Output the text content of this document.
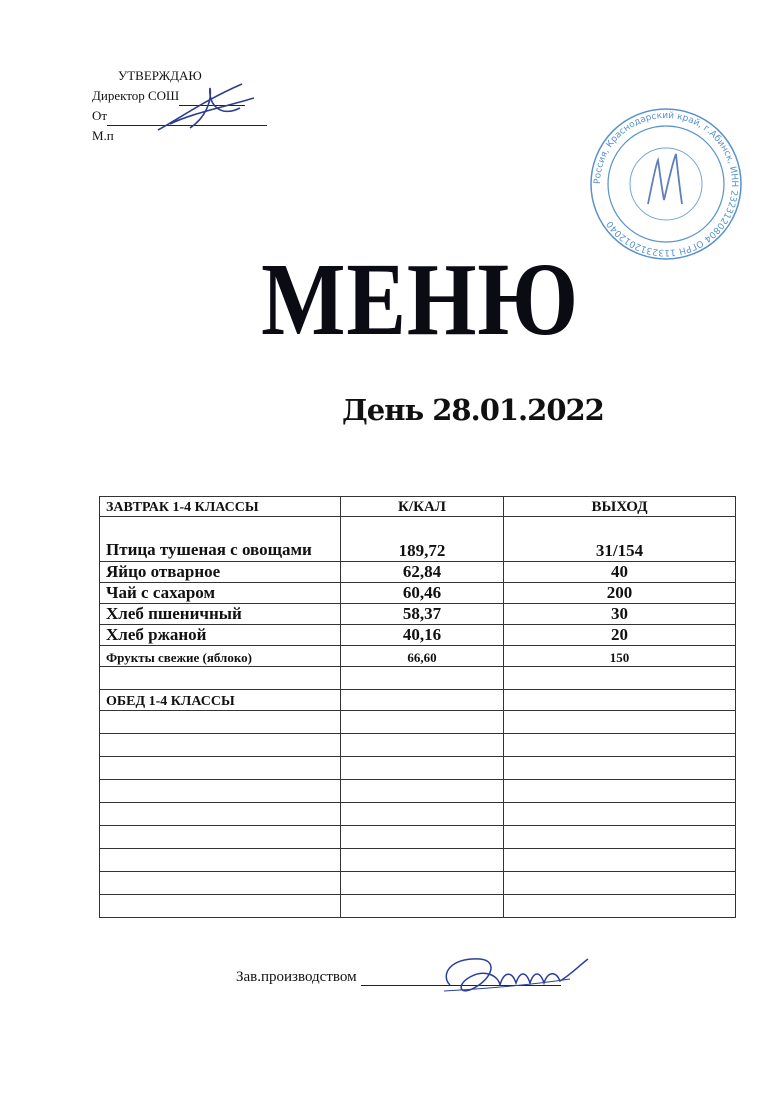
УТВЕРЖДАЮ
Директор СОШ
От
М.п
Россия, Краснодарский край, г.Абинск, ИНН 2323120804 ОГРН 1132312012040
МЕНЮ
День 28.01.2022
ЗАВТРАК 1-4 КЛАССЫ	К/КАЛ	ВЫХОД
Птица тушеная с овощами	189,72	31/154
Яйцо отварное	62,84	40
Чай с сахаром	60,46	200
Хлеб пшеничный	58,37	30
Хлеб ржаной	40,16	20
Фрукты свежие (яблоко)	66,60	150

ОБЕД 1-4 КЛАССЫ		

Зав.производством
